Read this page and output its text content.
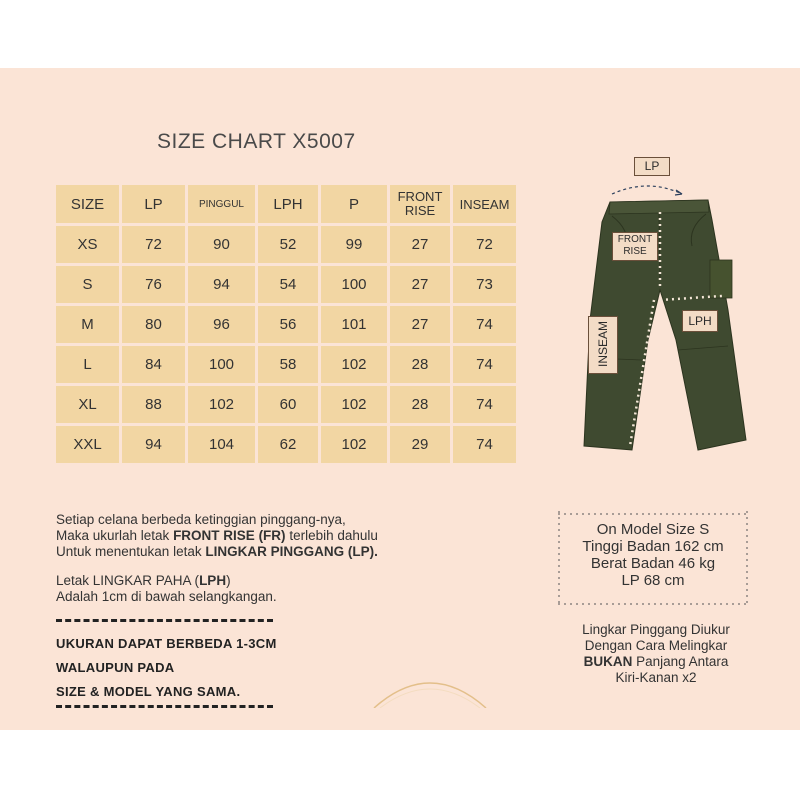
SIZE CHART X5007
SIZE	LP	PINGGUL	LPH	P	FRONT RISE	INSEAM
XS	72	90	52	99	27	72
S	76	94	54	100	27	73
M	80	96	56	101	27	74
L	84	100	58	102	28	74
XL	88	102	60	102	28	74
XXL	94	104	62	102	29	74

Setiap celana berbeda ketinggian pinggang-nya,

Maka ukurlah letak FRONT RISE (FR) terlebih dahulu

Untuk menentukan letak LINGKAR PINGGANG (LP).

Letak LINGKAR PAHA (LPH)

Adalah 1cm di bawah selangkangan.

UKURAN DAPAT BERBEDA 1-3CM
WALAUPUN PADA
SIZE & MODEL YANG SAMA.
On Model Size S
Tinggi Badan 162 cm
Berat Badan 46 kg
LP 68 cm
Lingkar Pinggang Diukur
Dengan Cara Melingkar
BUKAN Panjang Antara
Kiri-Kanan x2
LP
FRONT
RISE
INSEAM	LPH
